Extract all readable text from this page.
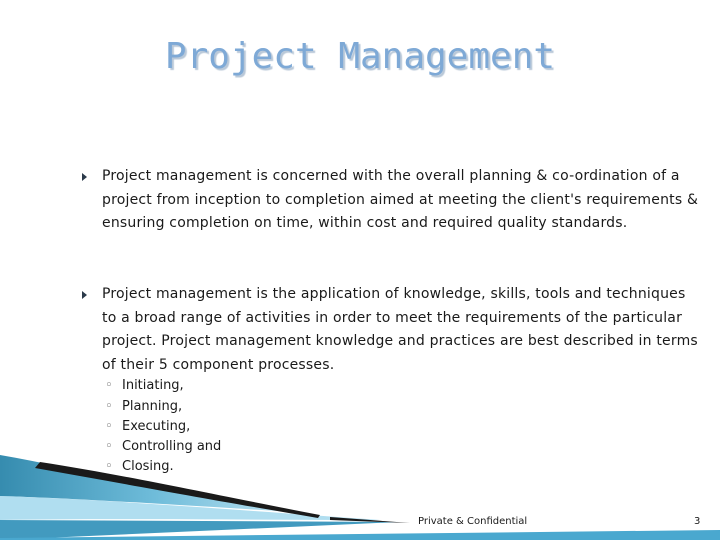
Project Management
Project management is concerned with the overall planning & co-ordination of a project from inception to completion aimed at meeting the client's requirements & ensuring completion on time, within cost and required quality standards.
Project management is the application of knowledge, skills, tools and techniques to a broad range of activities in order to meet the requirements of the particular project. Project management knowledge and practices are best described in terms of their 5 component processes.
◦ Initiating,
◦ Planning,
◦ Executing,
◦ Controlling and
◦ Closing.
Private & Confidential	3
